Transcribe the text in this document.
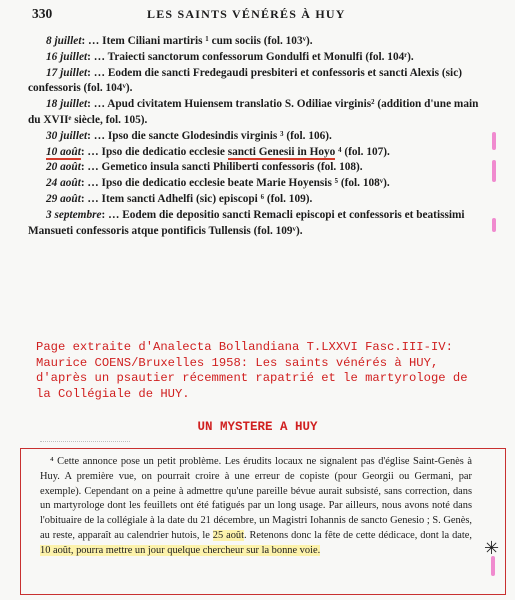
330	LES SAINTS VÉNÉRÉS À HUY

8 juillet: … Item Ciliani martiris ¹ cum sociis (fol. 103ᵛ).

16 juillet: … Traiecti sanctorum confessorum Gondulfi et Monulfi (fol. 104ʳ).

17 juillet: … Eodem die sancti Fredegaudi presbiteri et confessoris et sancti Alexis (sic) confessoris (fol. 104ᵛ).

18 juillet: … Apud civitatem Huiensem translatio S. Odiliae virginis² (addition d'une main du XVIIᵉ siècle, fol. 105).

30 juillet: … Ipso die sancte Glodesindis virginis ³ (fol. 106).

10 août: … Ipso die dedicatio ecclesie sancti Genesii in Hoyo ⁴ (fol. 107).

20 août: … Gemetico insula sancti Philiberti confessoris (fol. 108).

24 août: … Ipso die dedicatio ecclesie beate Marie Hoyensis ⁵ (fol. 108ᵛ).

29 août: … Item sancti Adhelfi (sic) episcopi ⁶ (fol. 109).

3 septembre: … Eodem die depositio sancti Remacli episcopi et confessoris et beatissimi Mansueti confessoris atque pontificis Tullensis (fol. 109ᵛ).

Page extraite d'Analecta Bollandiana T.LXXVI Fasc.III-IV: Maurice COENS/Bruxelles 1958: Les saints vénérés à HUY, d'après un psautier récemment rapatrié et le martyrologe de la Collégiale de HUY.

UN MYSTERE A HUY

⁴ Cette annonce pose un petit problème. Les érudits locaux ne signalent pas d'église Saint-Genès à Huy. A première vue, on pourrait croire à une erreur de copiste (pour Georgii ou Germani, par exemple). Cependant on a peine à admettre qu'une pareille bévue aurait subsisté, sans correction, dans un martyrologe dont les feuillets ont été fatigués par un long usage. Par ailleurs, nous avons noté dans l'obituaire de la collégiale à la date du 21 décembre, un Magistri Iohannis de sancto Genesio ; S. Genès, au reste, apparaît au calendrier hutois, le 25 août. Retenons donc la fête de cette dédicace, dont la date, 10 août, pourra mettre un jour quelque chercheur sur la bonne voie.	✳
